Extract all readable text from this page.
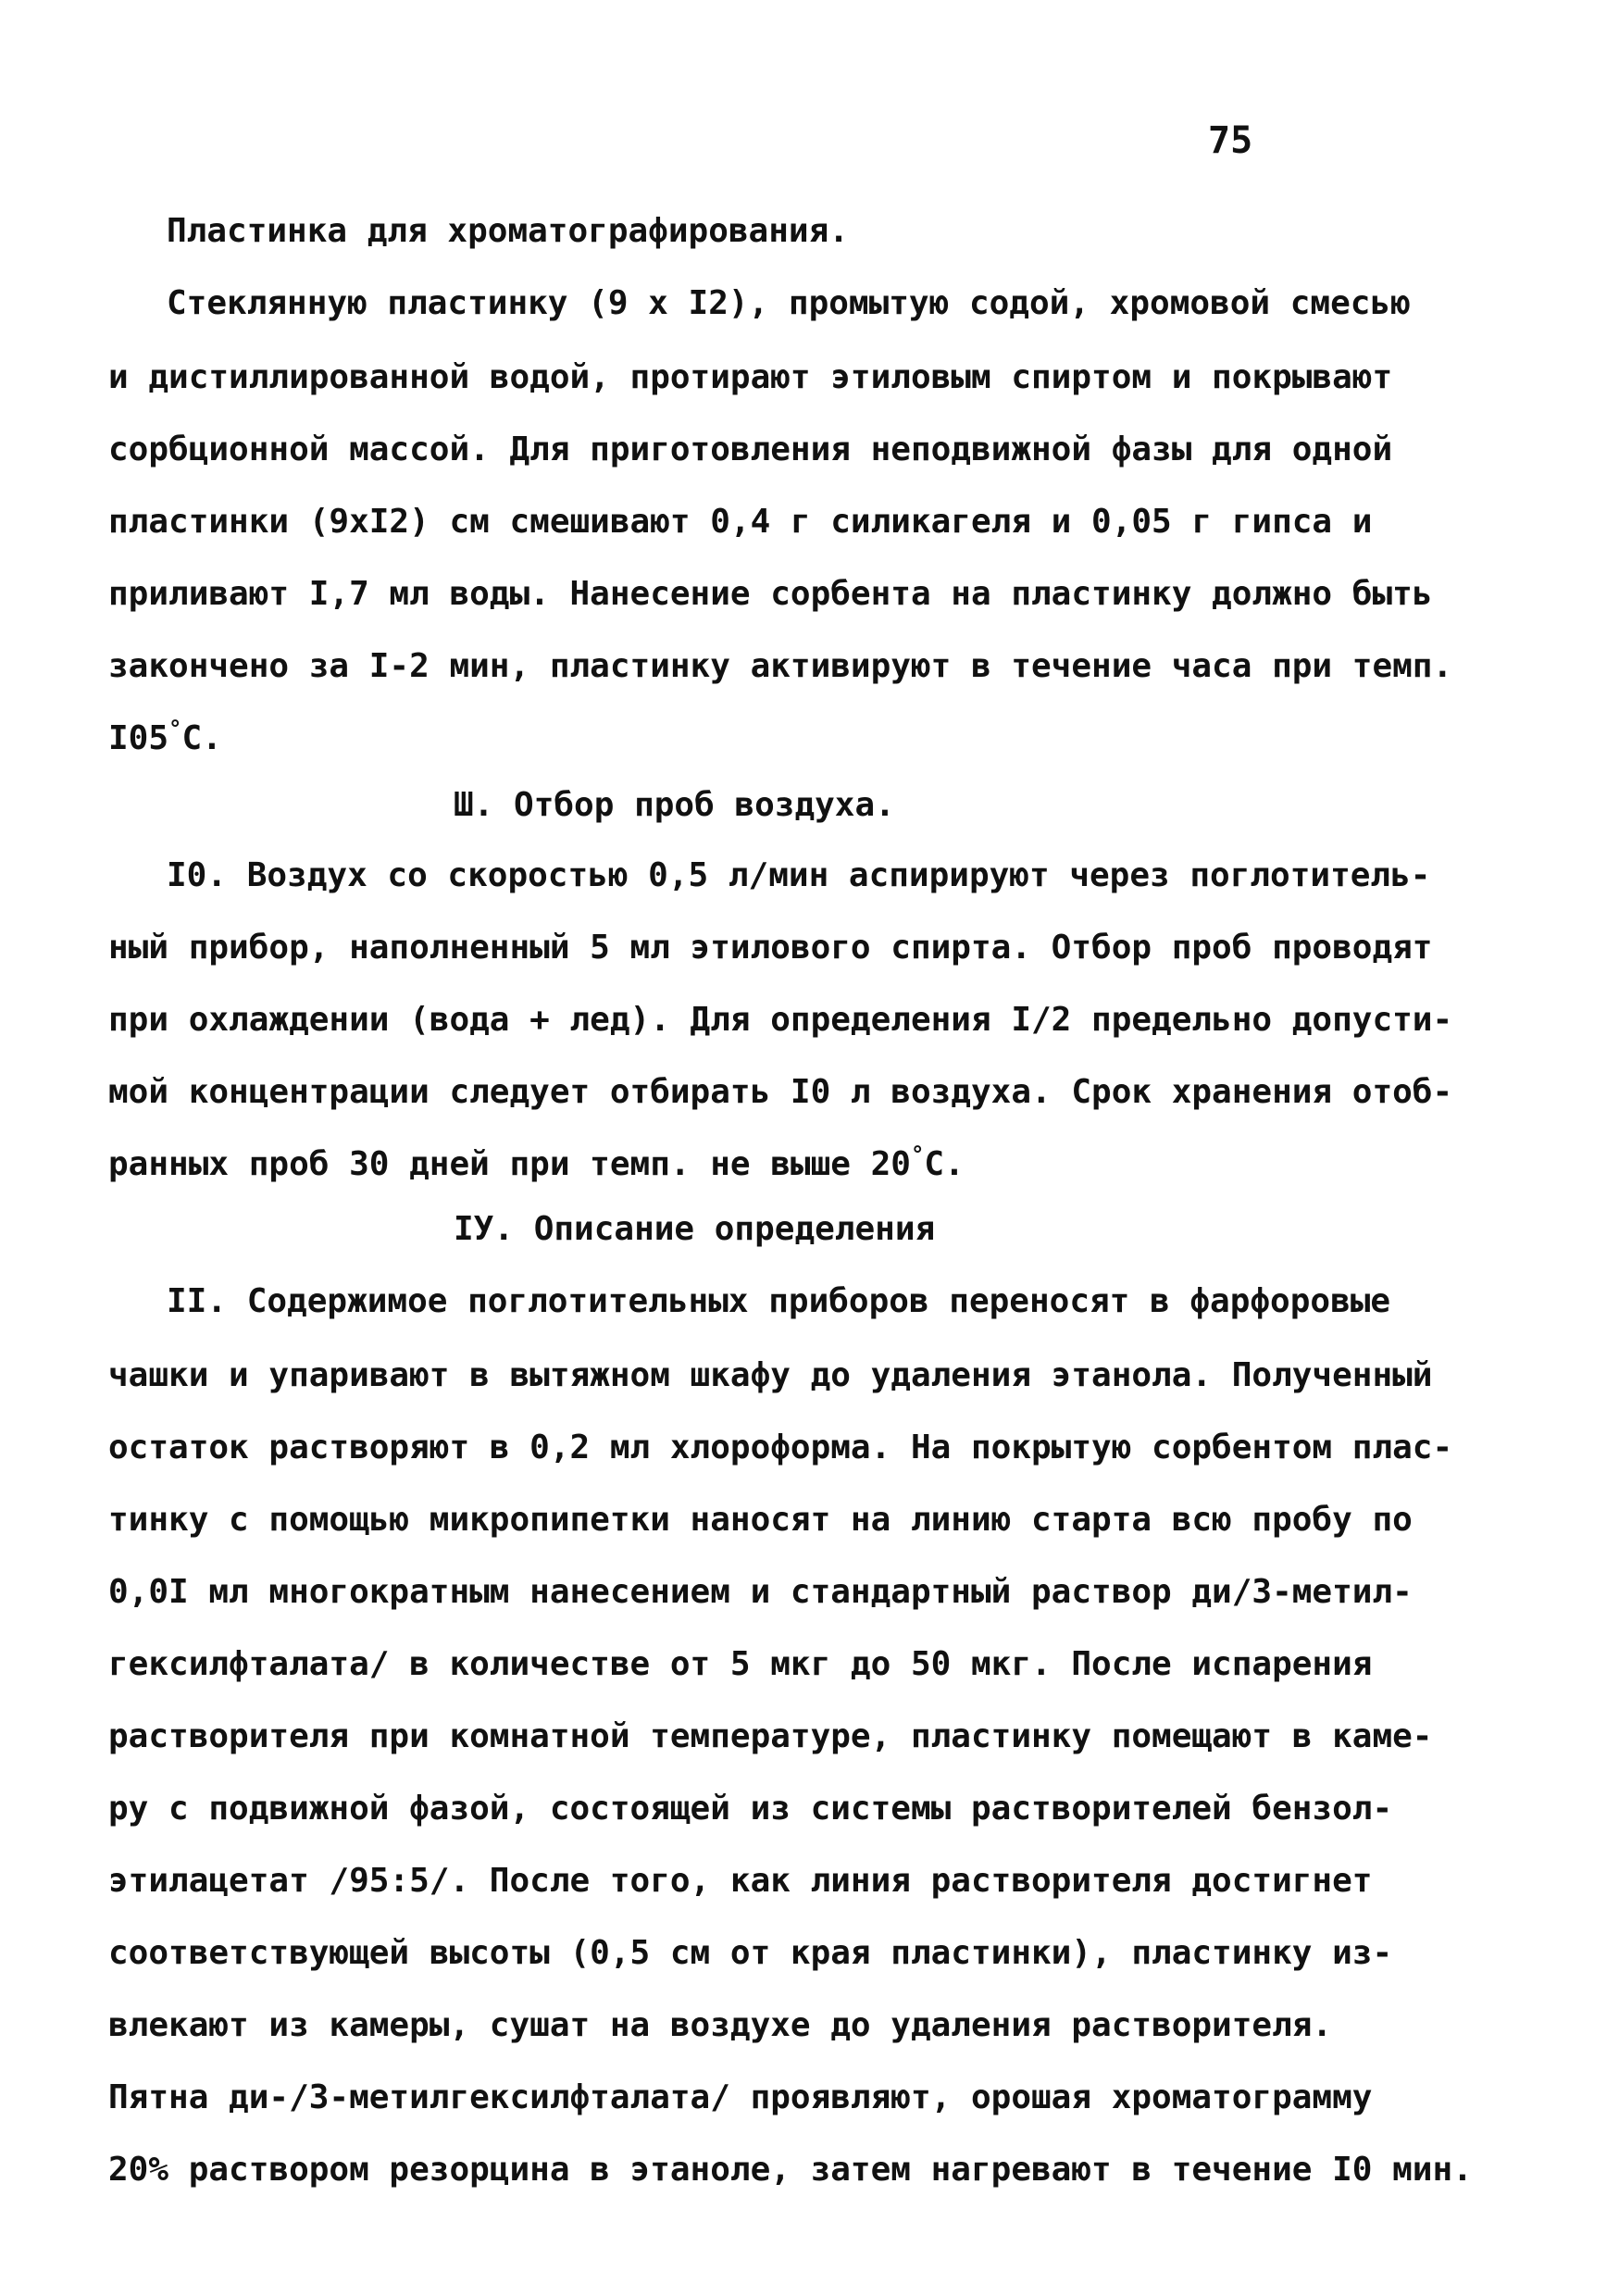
75
Пластинка для хроматографирования.
Стеклянную пластинку (9 х I2), промытую содой, хромовой смесью
и дистиллированной водой, протирают этиловым спиртом и покрывают
сорбционной массой. Для приготовления неподвижной фазы для одной
пластинки (9хI2) см смешивают 0,4 г силикагеля и 0,05 г гипса и
приливают I,7 мл воды. Нанесение сорбента на пластинку должно быть
закончено за I-2 мин, пластинку активируют в течение часа при темп.
I05°С.
Ш. Отбор проб воздуха.
I0. Воздух со скоростью 0,5 л/мин аспирируют через поглотитель-
ный прибор, наполненный 5 мл этилового спирта. Отбор проб проводят
при охлаждении (вода + лед). Для определения I/2 предельно допусти-
мой концентрации следует отбирать I0 л воздуха. Срок хранения отоб-
ранных проб 30 дней при темп. не выше 20°С.
IУ. Описание определения
II. Содержимое поглотительных приборов переносят в фарфоровые
чашки и упаривают в вытяжном шкафу до удаления этанола. Полученный
остаток растворяют в 0,2 мл хлороформа. На покрытую сорбентом плас-
тинку с помощью микропипетки наносят на линию старта всю пробу по
0,0I мл многократным нанесением и стандартный раствор ди/3-метил-
гексилфталата/ в количестве от 5 мкг до 50 мкг. После испарения
растворителя при комнатной температуре, пластинку помещают в каме-
ру с подвижной фазой, состоящей из системы растворителей бензол-
этилацетат /95:5/. После того, как линия растворителя достигнет
соответствующей высоты (0,5 см от края пластинки), пластинку из-
влекают из камеры, сушат на воздухе до удаления растворителя.
Пятна ди-/3-метилгексилфталата/ проявляют, орошая хроматограмму
20% раствором резорцина в этаноле, затем нагревают в течение I0 мин.
